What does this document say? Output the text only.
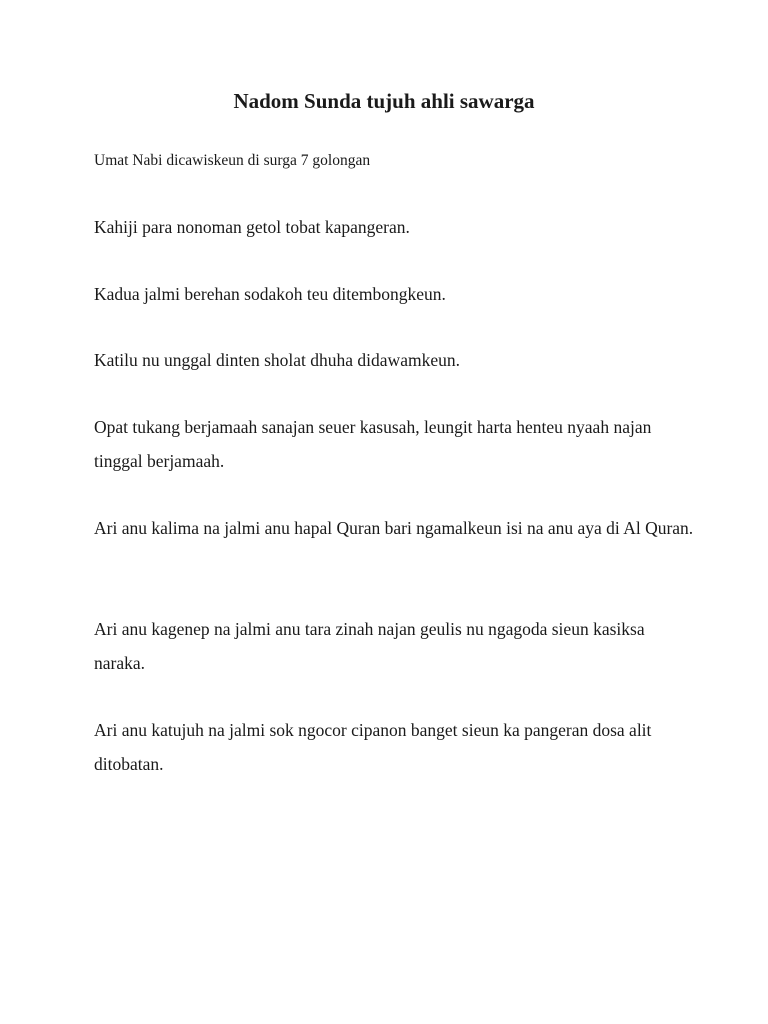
Nadom Sunda tujuh ahli sawarga

Umat Nabi dicawiskeun di surga 7 golongan

Kahiji para nonoman getol tobat kapangeran.

Kadua jalmi berehan sodakoh teu ditembongkeun.

Katilu nu unggal dinten sholat dhuha didawamkeun.

Opat tukang berjamaah sanajan seuer kasusah, leungit harta henteu nyaah najan tinggal berjamaah.

Ari anu kalima na jalmi anu hapal Quran bari ngamalkeun isi na anu aya di Al Quran.

Ari anu kagenep na jalmi anu tara zinah najan geulis nu ngagoda sieun kasiksa naraka.

Ari anu katujuh na jalmi sok ngocor cipanon banget sieun ka pangeran dosa alit ditobatan.
